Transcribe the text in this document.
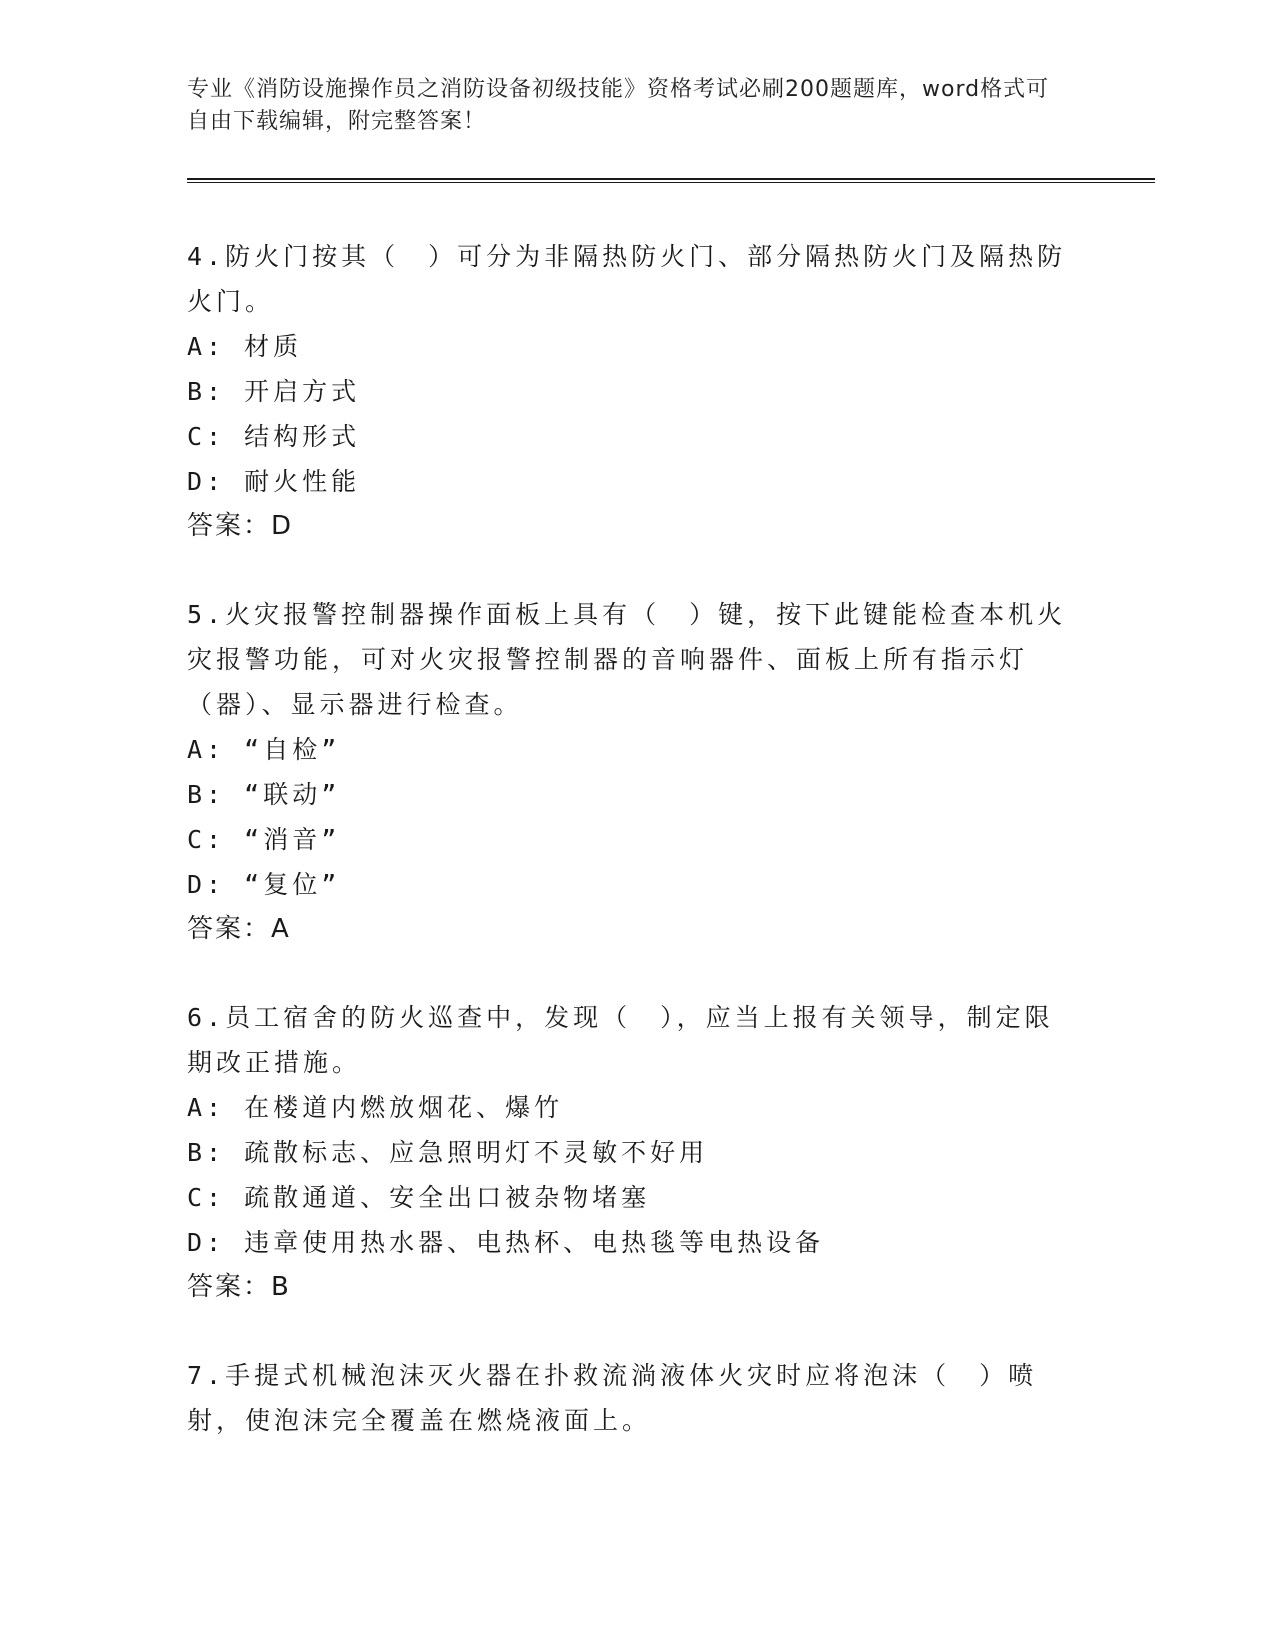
专业《消防设施操作员之消防设备初级技能》资格考试必刷200题题库，word格式可自由下载编辑，附完整答案！

4.防火门按其（　）可分为非隔热防火门、部分隔热防火门及隔热防火门。

A: 材质

B: 开启方式

C: 结构形式

D: 耐火性能

答案：D

5.火灾报警控制器操作面板上具有（　）键，按下此键能检查本机火灾报警功能，可对火灾报警控制器的音响器件、面板上所有指示灯（器）、显示器进行检查。

A: “自检”

B: “联动”

C: “消音”

D: “复位”

答案：A

6.员工宿舍的防火巡查中，发现（　），应当上报有关领导，制定限期改正措施。

A: 在楼道内燃放烟花、爆竹

B: 疏散标志、应急照明灯不灵敏不好用

C: 疏散通道、安全出口被杂物堵塞

D: 违章使用热水器、电热杯、电热毯等电热设备

答案：B

7.手提式机械泡沫灭火器在扑救流淌液体火灾时应将泡沫（　）喷射，使泡沫完全覆盖在燃烧液面上。
